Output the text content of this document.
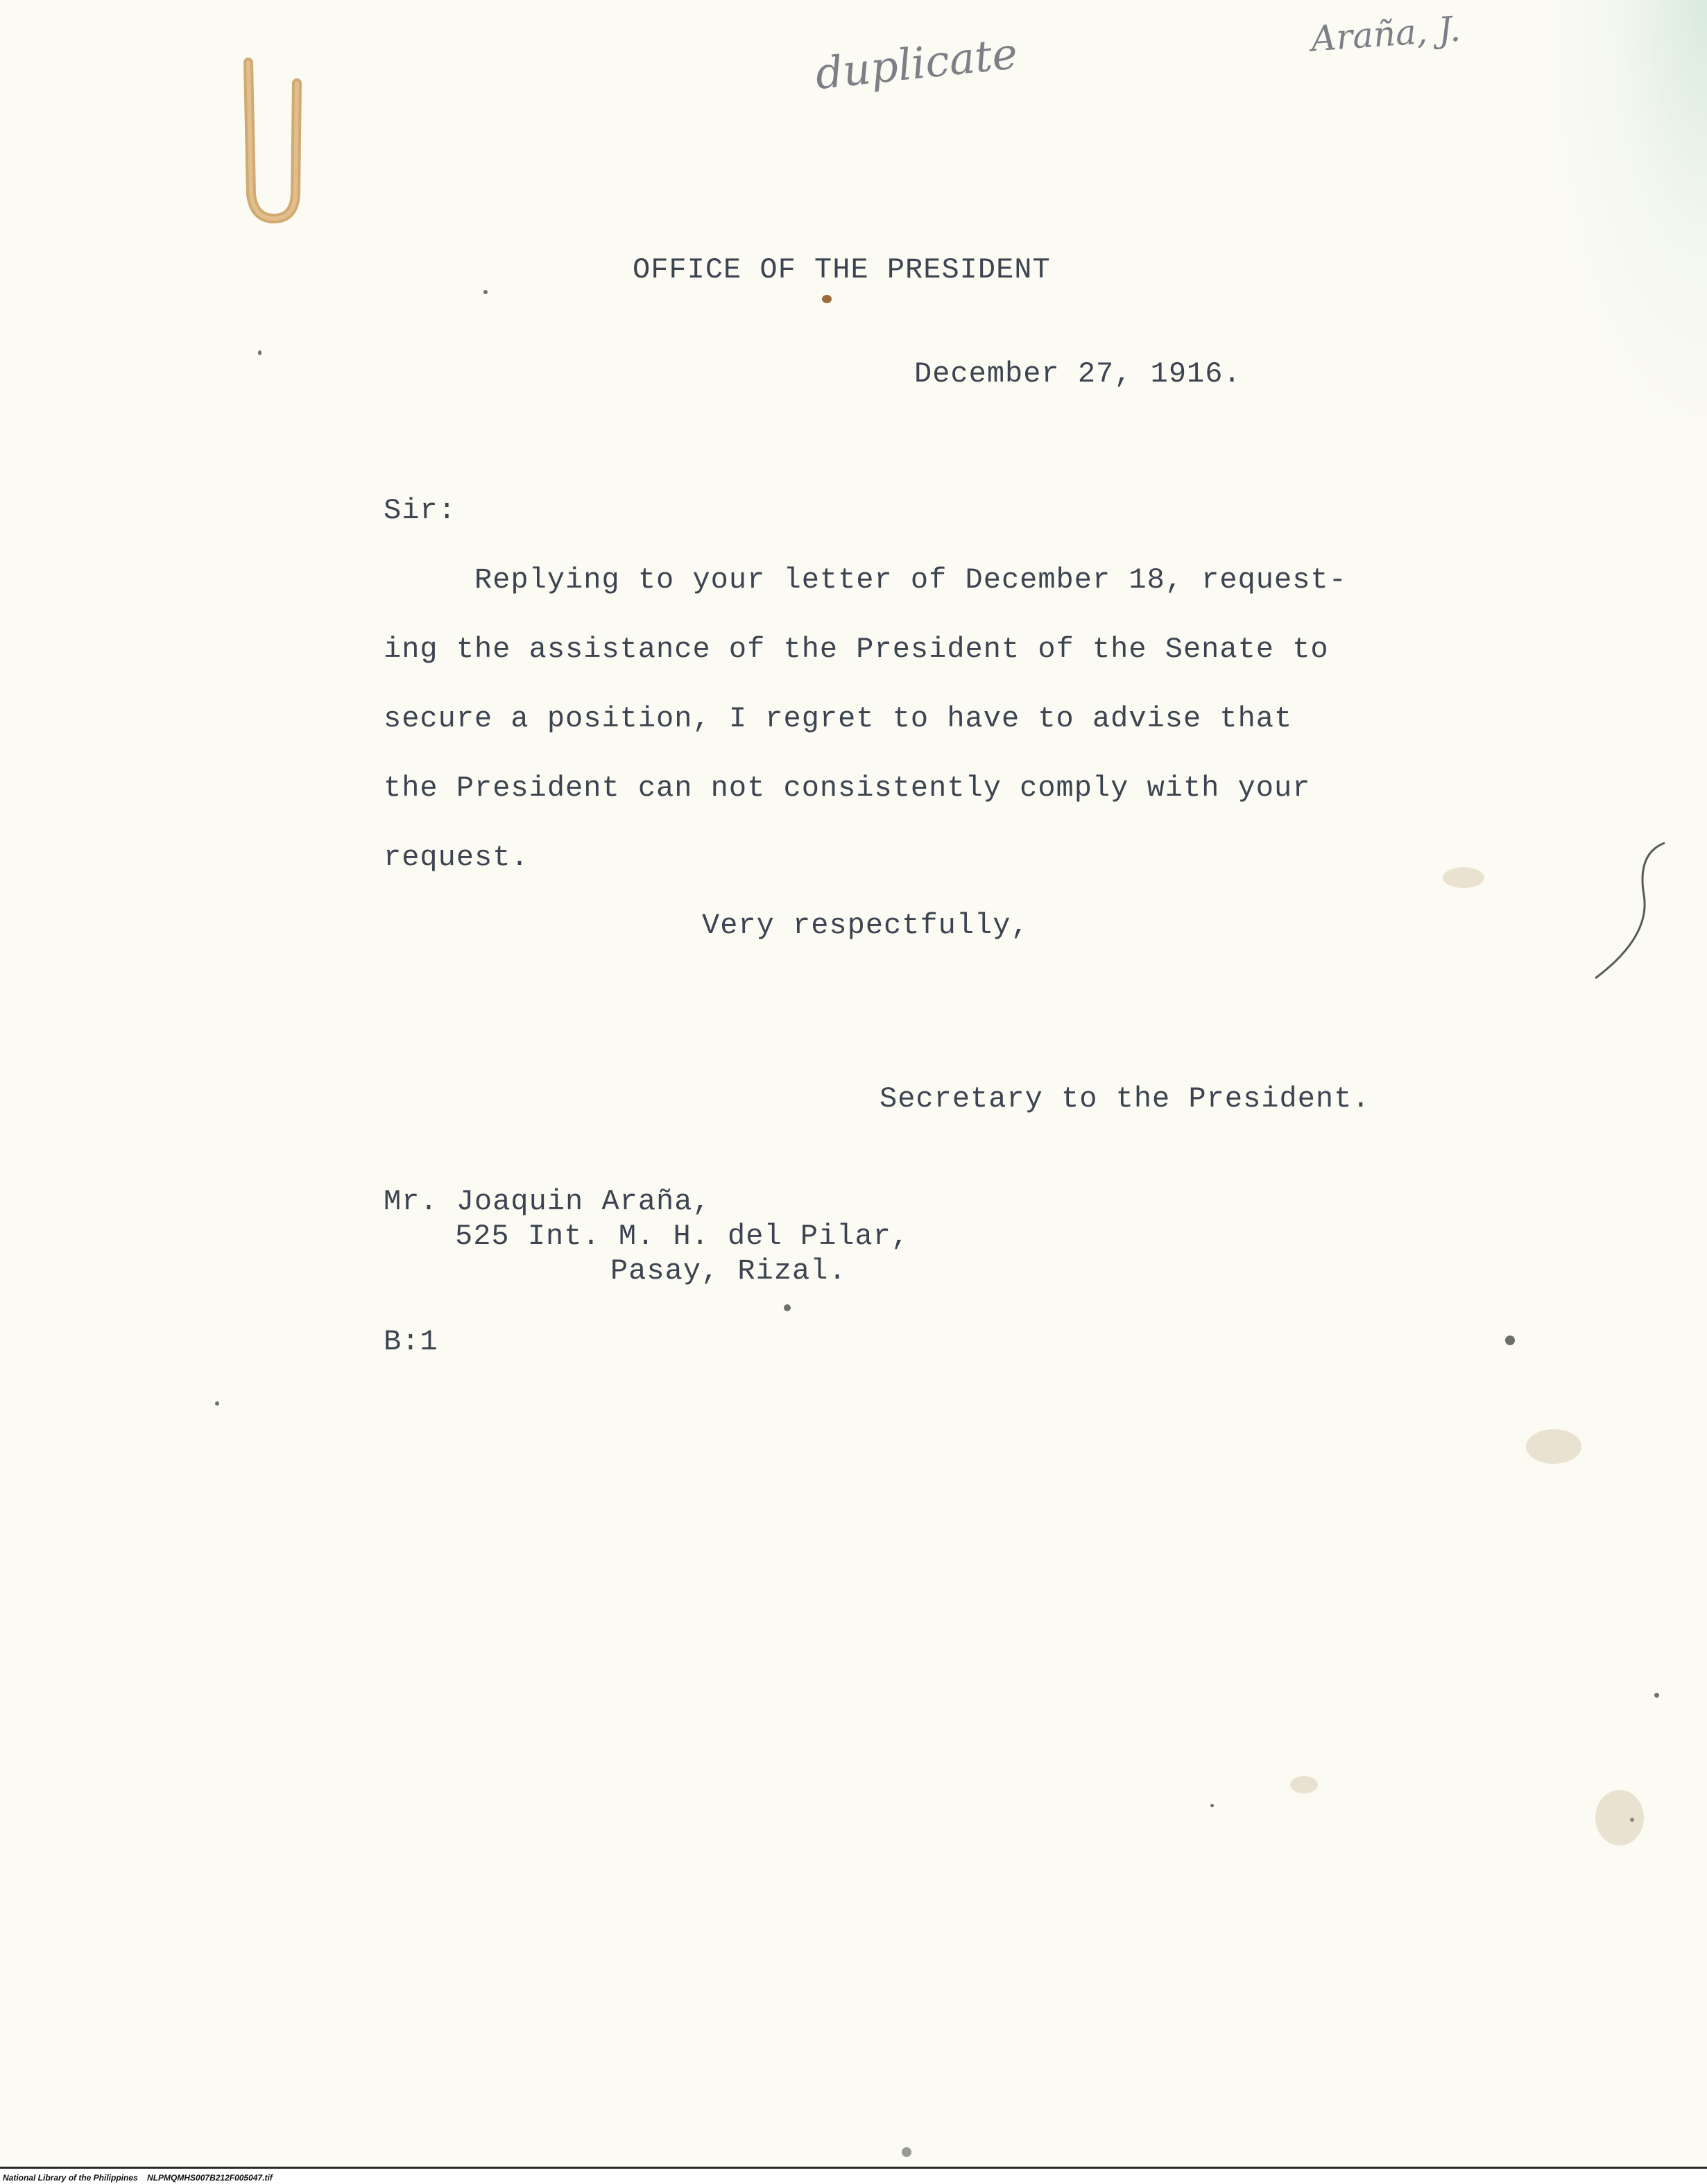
duplicate	Araña, J.
OFFICE OF THE PRESIDENT
December 27, 1916.
Sir:
Replying to your letter of December 18, request-
ing the assistance of the President of the Senate to
secure a position, I regret to have to advise that
the President can not consistently comply with your
request.
Very respectfully,
Secretary to the President.
Mr. Joaquin Araña,
525 Int. M. H. del Pilar,
Pasay, Rizal.
B:1
National Library of the Philippines NLPMQMHS007B212F005047.tif
